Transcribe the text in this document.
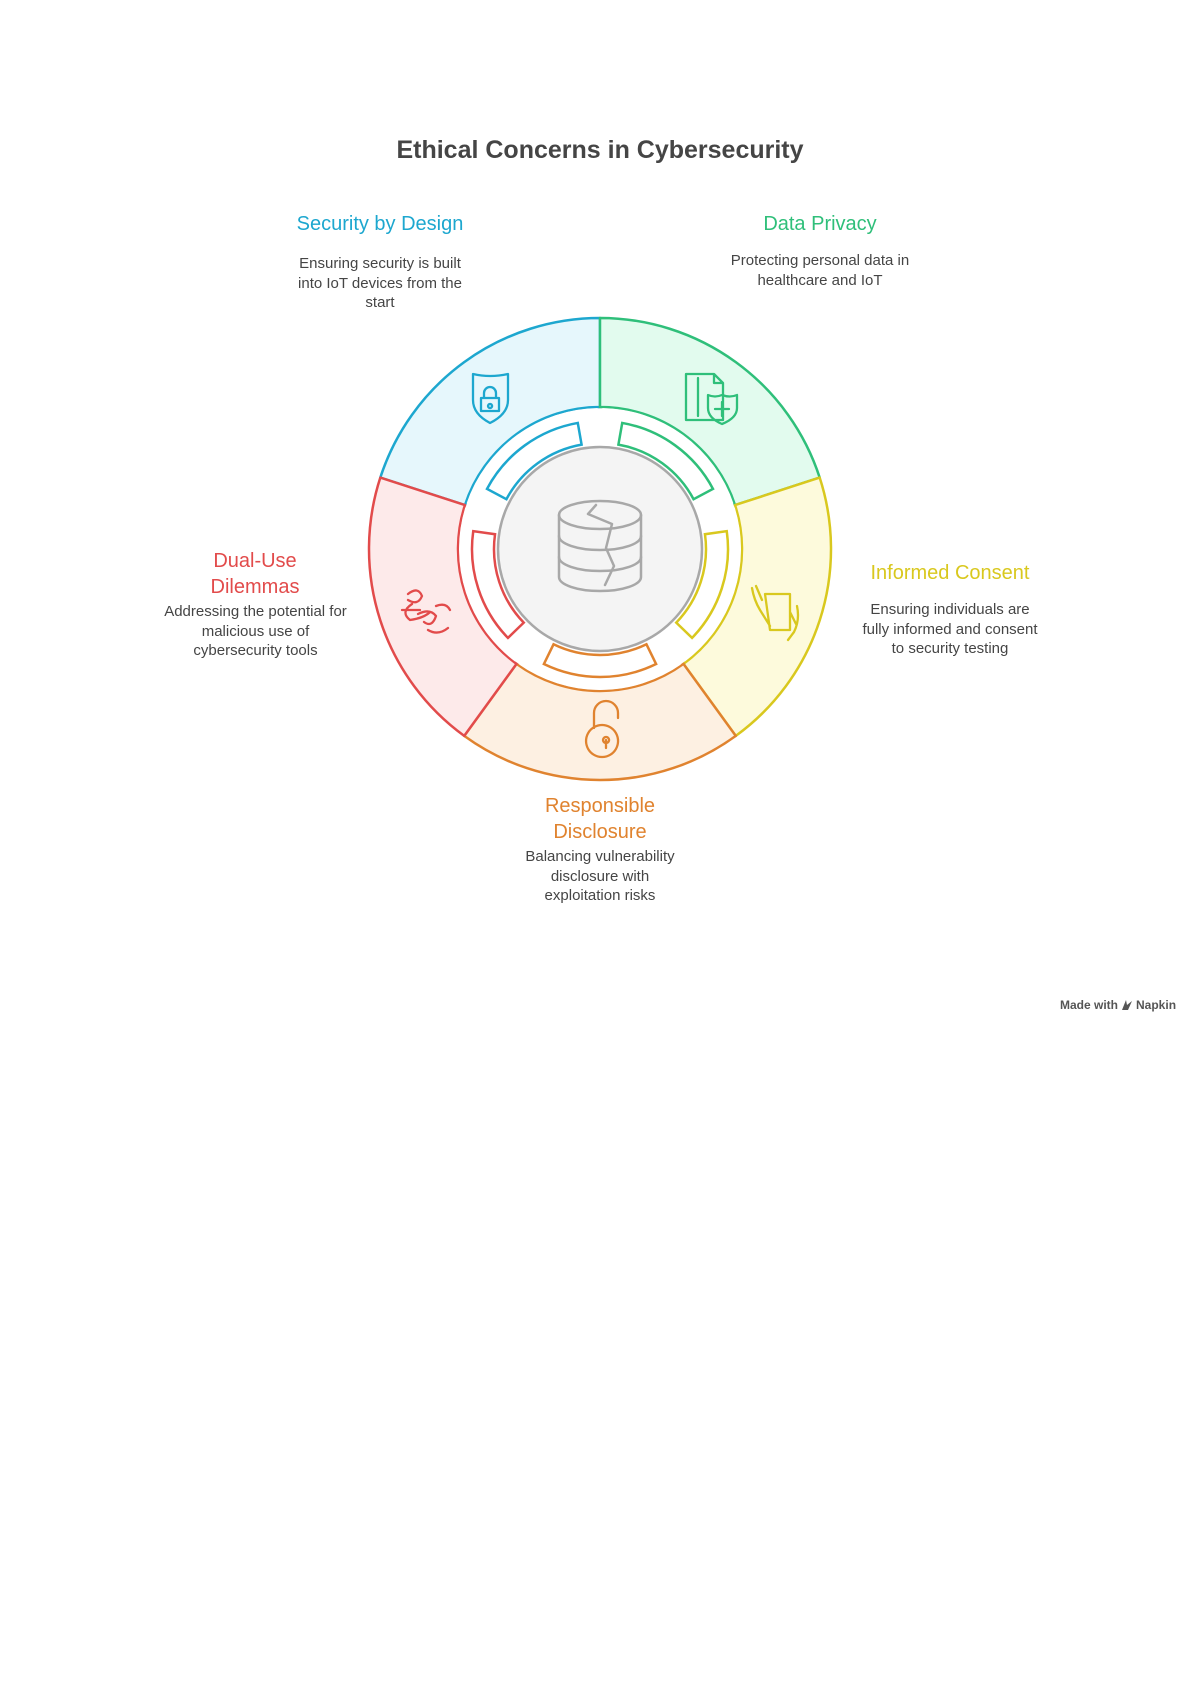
Ethical Concerns in Cybersecurity
Security by Design
Ensuring security is built into IoT devices from the start
Data Privacy
Protecting personal data in healthcare and IoT
Informed Consent
Ensuring individuals are fully informed and consent to security testing
Responsible Disclosure
Balancing vulnerability disclosure with exploitation risks
Dual-Use Dilemmas
Addressing the potential for malicious use of cybersecurity tools
Made with Napkin
